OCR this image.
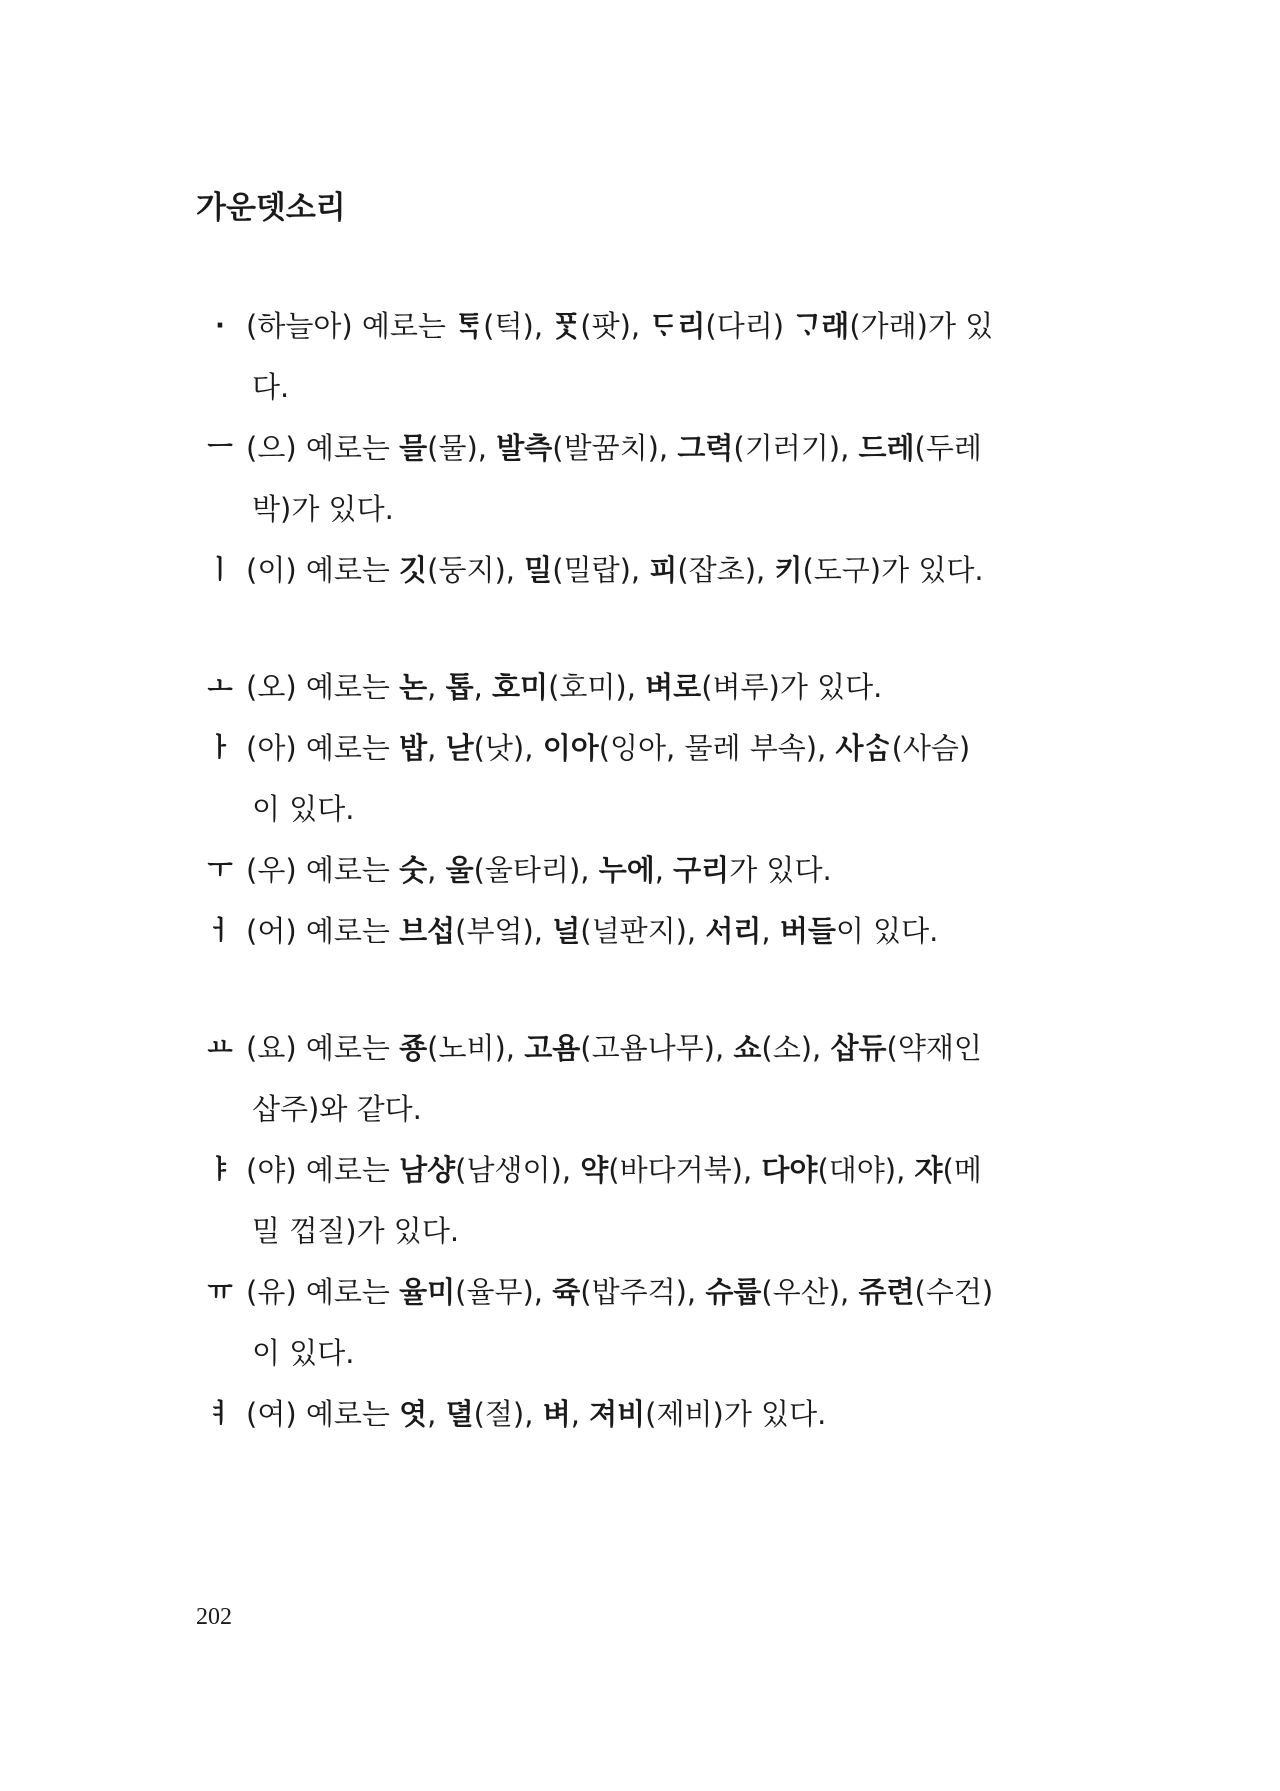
가운뎃소리
· (하늘아) 예로는 ᄐᆞᆨ(턱), ᄑᆞᆺ(팟), ᄃᆞ리(다리) ᄀᆞ래(가래)가 있
다.
ㅡ (으) 예로는 믈(물), 발측(발꿈치), 그력(기러기), 드레(두레
박)가 있다.
ㅣ (이) 예로는 깃(둥지), 밀(밀랍), 피(잡초), 키(도구)가 있다.
ㅗ (오) 예로는 논, 톱, 호미(호미), 벼로(벼루)가 있다.
ㅏ (아) 예로는 밥, 낟(낫), 이아(잉아, 물레 부속), 사ᄉᆞᆷ(사슴)
이 있다.
ㅜ (우) 예로는 숫, 울(울타리), 누에, 구리가 있다.
ㅓ (어) 예로는 브섭(부엌), 널(널판지), 서리, 버들이 있다.
ㅛ (요) 예로는 죵(노비), 고욤(고욤나무), 쇼(소), 삽듀(약재인
삽주)와 같다.
ㅑ (야) 예로는 남샹(남생이), 약(바다거북), 다야(대야), 쟈(메
밀 껍질)가 있다.
ㅠ (유) 예로는 율미(율무), 쥭(밥주걱), 슈룹(우산), 쥬련(수건)
이 있다.
ㅕ (여) 예로는 엿, 뎔(절), 벼, 져비(제비)가 있다.
202
